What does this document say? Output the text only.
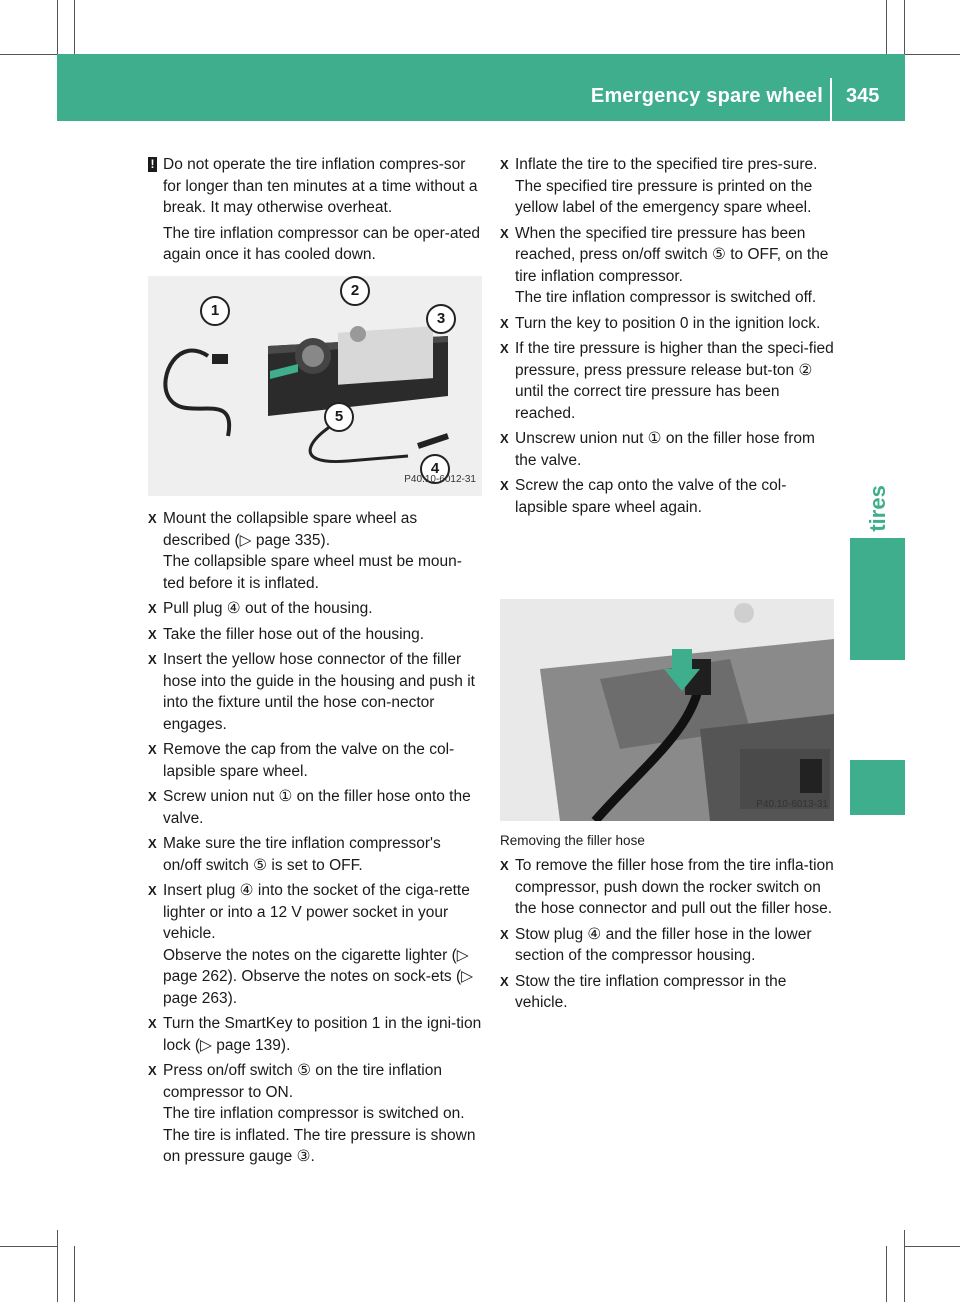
Emergency spare wheel 345
Wheels and tires
! Do not operate the tire inflation compres-sor for longer than ten minutes at a time without a break. It may otherwise overheat.
The tire inflation compressor can be oper-ated again once it has cooled down.
1
2
3
5
4
P40.10-6012-31
X Mount the collapsible spare wheel as described (▷ page 335).
The collapsible spare wheel must be moun-ted before it is inflated.
X Pull plug ④ out of the housing.
X Take the filler hose out of the housing.
X Insert the yellow hose connector of the filler hose into the guide in the housing and push it into the fixture until the hose con-nector engages.
X Remove the cap from the valve on the col-lapsible spare wheel.
X Screw union nut ① on the filler hose onto the valve.
X Make sure the tire inflation compressor's on/off switch ⑤ is set to OFF.
X Insert plug ④ into the socket of the ciga-rette lighter or into a 12 V power socket in your vehicle.
Observe the notes on the cigarette lighter (▷ page 262). Observe the notes on sock-ets (▷ page 263).
X Turn the SmartKey to position 1 in the igni-tion lock (▷ page 139).
X Press on/off switch ⑤ on the tire inflation compressor to ON.
The tire inflation compressor is switched on. The tire is inflated. The tire pressure is shown on pressure gauge ③.
X Inflate the tire to the specified tire pres-sure.
The specified tire pressure is printed on the yellow label of the emergency spare wheel.
X When the specified tire pressure has been reached, press on/off switch ⑤ to OFF, on the tire inflation compressor.
The tire inflation compressor is switched off.
X Turn the key to position 0 in the ignition lock.
X If the tire pressure is higher than the speci-fied pressure, press pressure release but-ton ② until the correct tire pressure has been reached.
X Unscrew union nut ① on the filler hose from the valve.
X Screw the cap onto the valve of the col-lapsible spare wheel again.
P40.10-6013-31
Removing the filler hose
X To remove the filler hose from the tire infla-tion compressor, push down the rocker switch on the hose connector and pull out the filler hose.
X Stow plug ④ and the filler hose in the lower section of the compressor housing.
X Stow the tire inflation compressor in the vehicle.
